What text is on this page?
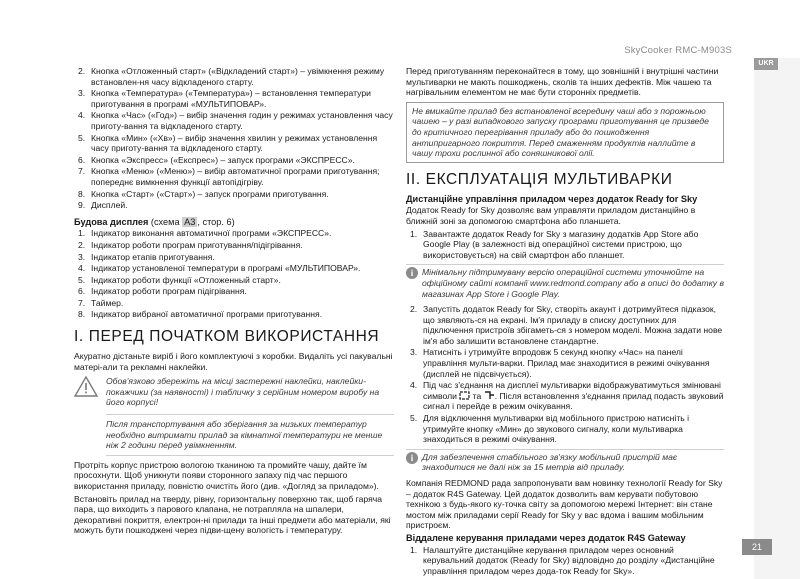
SkyCooker RMC-M903S
UKR
21
2. Кнопка «Отложенный старт» («Відкладений старт») – увімкнення режиму встановлен-ня часу відкладеного старту.
3. Кнопка «Температура» («Температура») – встановлення температури приготування в програмі «МУЛЬТИПОВАР».
4. Кнопка «Час» («Год») – вибір значення годин у режимах установлення часу приготу-вання та відкладеного старту.
5. Кнопка «Мин» («Хв») – вибір значення хвилин у режимах установлення часу приготу-вання та відкладеного старту.
6. Кнопка «Экспресс» («Експрес») – запуск програми «ЭКСПРЕСС».
7. Кнопка «Меню» («Меню») – вибір автоматичної програми приготування; попереднє вимкнення функції автопідігріву.
8. Кнопка «Старт» («Старт») – запуск програми приготування.
9. Дисплей.
Будова дисплея (схема А3 , стор. 6)
1. Індикатор виконання автоматичної програми «ЭКСПРЕСС».
2. Індикатор роботи програм приготування/підігрівання.
3. Індикатор етапів приготування.
4. Індикатор установленої температури в програмі «МУЛЬТИПОВАР».
5. Індикатор роботи функції «Отложенный старт».
6. Індикатор роботи програм підігрівання.
7. Таймер.
8. Індикатор вибраної автоматичної програми приготування.
I. ПЕРЕД ПОЧАТКОМ ВИКОРИСТАННЯ

Акуратно дістаньте виріб і його комплектуючі з коробки. Видаліть усі пакувальні матері-али та рекламні наклейки.

Обов'язково збережіть на місці застережні наклейки, наклейки-покажчики (за наявності) і табличку з серійним номером виробу на його корпусі!

Після транспортування або зберігання за низьких температур необхідно витримати прилад за кімнатної температури не менше ніж 2 години перед увімкненням.

Протріть корпус пристрою вологою тканиною та промийте чашу, дайте їм просохнути. Щоб уникнути появи сторонного запаху під час першого використання приладу, повністю очистіть його (див. «Догляд за приладом»).

Встановіть прилад на тверду, рівну, горизонтальну поверхню так, щоб гаряча пара, що виходить з парового клапана, не потрапляла на шпалери, декоративні покриття, електрон-ні прилади та інші предмети або матеріали, які можуть бути пошкоджені через підви-щену вологість і температуру.

Перед приготуванням переконайтеся в тому, що зовнішній і внутрішні частини мультиварки не мають пошкоджень, сколів та інших дефектів. Між чашею та нагрівальним елементом не має бути сторонніх предметів.

Не вмикайте прилад без встановленої всередину чаші або з порожньою чашею – у разі випадкового запуску програми приготування це призведе до критичного перегрівання приладу або до пошкодження антипригарного покриття. Перед смаженням продуктів наллийте в чашу трохи рослинної або соняшникової олії.
II. ЕКСПЛУАТАЦІЯ МУЛЬТИВАРКИ
Дистанційне управління приладом через додаток Ready for Sky

Додаток Ready for Sky дозволяє вам управляти приладом дистанційно в ближній зоні за допомогою смартфона або планшета.

1. Завантажте додаток Ready for Sky з магазину додатків App Store або Google Play (в залежності від операційної системи пристрою, що використовується) на свій смартфон або планшет.
i	Мінімальну підтримувану версію операційної системи уточнюйте на офіційному сайті компанії www.redmond.company або в описі до додатку в магазинах App Store і Google Play.
2. Запустіть додаток Ready for Sky, створіть акаунт і дотримуйтеся підказок, що зявляють-ся на екрані. Ім'я приладу в списку доступних для підключення пристроїв збігаметь-ся з номером моделі. Можна задати нове ім'я або залишити встановлене стандартне.
3. Натисніть і утримуйте впродовж 5 секунд кнопку «Час» на панелі управління мульти-варки. Прилад має знаходитися в режимі очікування (дисплей не підсвічується).
4. Під час з'єднання на дисплеї мультиварки відображуватимуться змінювані символи  та . Після встановлення з'єднання прилад подасть звуковий сигнал і перейде в режим очікування.
5. Для відключення мультиварки від мобільного пристрою натисніть і утримуйте кнопку «Мин» до звукового сигналу, коли мультиварка знаходиться в режимі очікування.
i	Для забезпечення стабільного зв'язку мобільний пристрій має знаходитися не далі ніж за 15 метрів від приладу.

Компанія REDMOND рада запропонувати вам новинку технології Ready for Sky – додаток R4S Gateway. Цей додаток дозволить вам керувати побутовою технікою з будь-якого ку-точка світу за допомогою мережі Інтернет: він стане мостом між приладами серії Ready for Sky у вас вдома і вашим мобільним пристроєм.

Віддалене керування приладами через додаток R4S Gateway
1. Налаштуйте дистанційне керування приладом через основний керувальний додаток (Ready for Sky) відповідно до розділу «Дистанційне управління приладом через дода-ток Ready for Sky».
